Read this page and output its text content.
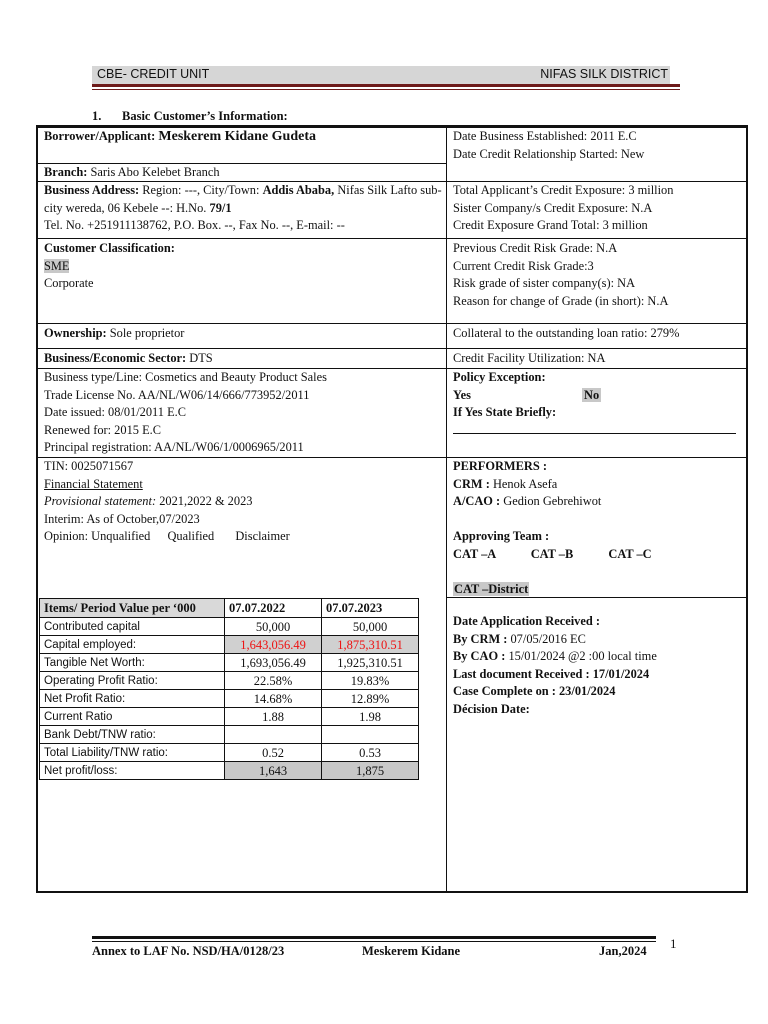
CBE- CREDIT UNIT	NIFAS SILK DISTRICT
1. Basic Customer’s Information:
Borrower/Applicant: Meskerem Kidane Gudeta	Date Business Established: 2011 E.C
Date Credit Relationship Started: New
Branch: Saris Abo Kelebet Branch
Business Address: Region: ---, City/Town: Addis Ababa, Nifas Silk Lafto sub-city wereda, 06 Kebele --: H.No. 79/1
Tel. No. +251911138762, P.O. Box. --, Fax No. --, E-mail: --
Total Applicant’s Credit Exposure: 3 million
Sister Company/s Credit Exposure: N.A
Credit Exposure Grand Total: 3 million
Customer Classification:
SME
Corporate
Previous Credit Risk Grade: N.A
Current Credit Risk Grade:3
Risk grade of sister company(s): NA
Reason for change of Grade (in short): N.A
Ownership: Sole proprietor	Collateral to the outstanding loan ratio: 279%
Business/Economic Sector: DTS	Credit Facility Utilization: NA
Business type/Line: Cosmetics and Beauty Product Sales
Trade License No. AA/NL/W06/14/666/773952/2011
Date issued: 08/01/2011 E.C
Renewed for: 2015 E.C
Principal registration: AA/NL/W06/1/0006965/2011
Policy Exception:
Yes	No
If Yes State Briefly:
TIN: 0025071567
Financial Statement
Provisional statement: 2021,2022 & 2023
Interim: As of October,07/2023
Opinion: Unqualified Qualified Disclaimer
PERFORMERS :
CRM : Henok Asefa
A/CAO : Gedion Gebrehiwot
Approving Team :
CAT –A	CAT –B	CAT –C
CAT –District
Items/ Period Value per ‘000	07.07.2022	07.07.2023
Contributed capital	50,000	50,000
Capital employed:	1,643,056.49	1,875,310.51
Tangible Net Worth:	1,693,056.49	1,925,310.51
Operating Profit Ratio:	22.58%	19.83%
Net Profit Ratio:	14.68%	12.89%
Current Ratio	1.88	1.98
Bank Debt/TNW ratio:		
Total Liability/TNW ratio:	0.52	0.53
Net profit/loss:	1,643	1,875
Date Application Received :
By CRM : 07/05/2016 EC
By CAO : 15/01/2024 @2 :00 local time
Last document Received : 17/01/2024
Case Complete on : 23/01/2024
Décision Date:
Annex to LAF No. NSD/HA/0128/23	Meskerem Kidane	Jan,2024 1
